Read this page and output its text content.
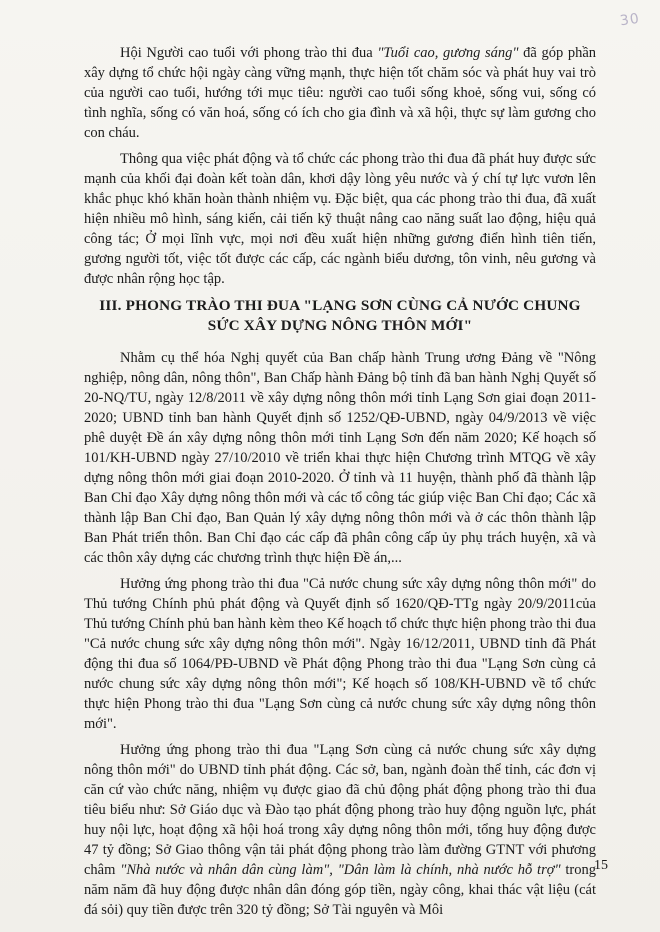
30

Hội Người cao tuổi với phong trào thi đua "Tuổi cao, gương sáng" đã góp phần xây dựng tổ chức hội ngày càng vững mạnh, thực hiện tốt chăm sóc và phát huy vai trò của người cao tuổi, hướng tới mục tiêu: người cao tuổi sống khoẻ, sống vui, sống có tình nghĩa, sống có văn hoá, sống có ích cho gia đình và xã hội, thực sự làm gương cho con cháu.

Thông qua việc phát động và tổ chức các phong trào thi đua đã phát huy được sức mạnh của khối đại đoàn kết toàn dân, khơi dậy lòng yêu nước và ý chí tự lực vươn lên khắc phục khó khăn hoàn thành nhiệm vụ. Đặc biệt, qua các phong trào thi đua, đã xuất hiện nhiều mô hình, sáng kiến, cải tiến kỹ thuật nâng cao năng suất lao động, hiệu quả công tác; Ở mọi lĩnh vực, mọi nơi đều xuất hiện những gương điển hình tiên tiến, gương người tốt, việc tốt được các cấp, các ngành biểu dương, tôn vinh, nêu gương và được nhân rộng học tập.

III. PHONG TRÀO THI ĐUA "LẠNG SƠN CÙNG CẢ NƯỚC CHUNG SỨC XÂY DỰNG NÔNG THÔN MỚI"

Nhằm cụ thể hóa Nghị quyết của Ban chấp hành Trung ương Đảng về "Nông nghiệp, nông dân, nông thôn", Ban Chấp hành Đảng bộ tỉnh đã ban hành Nghị Quyết số 20-NQ/TU, ngày 12/8/2011 về xây dựng nông thôn mới tỉnh Lạng Sơn giai đoạn 2011-2020; UBND tỉnh ban hành Quyết định số 1252/QĐ-UBND, ngày 04/9/2013 về việc phê duyệt Đề án xây dựng nông thôn mới tỉnh Lạng Sơn đến năm 2020; Kế hoạch số 101/KH-UBND ngày 27/10/2010 về triển khai thực hiện Chương trình MTQG về xây dựng nông thôn mới giai đoạn 2010-2020. Ở tỉnh và 11 huyện, thành phố đã thành lập Ban Chỉ đạo Xây dựng nông thôn mới và các tổ công tác giúp việc Ban Chỉ đạo; Các xã thành lập Ban Chỉ đạo, Ban Quản lý xây dựng nông thôn mới và ở các thôn thành lập Ban Phát triển thôn. Ban Chỉ đạo các cấp đã phân công cấp ủy phụ trách huyện, xã và các thôn xây dựng các chương trình thực hiện Đề án,...

Hưởng ứng phong trào thi đua "Cả nước chung sức xây dựng nông thôn mới" do Thủ tướng Chính phủ phát động và Quyết định số 1620/QĐ-TTg ngày 20/9/2011của Thủ tướng Chính phủ ban hành kèm theo Kế hoạch tổ chức thực hiện phong trào thi đua "Cả nước chung sức xây dựng nông thôn mới". Ngày 16/12/2011, UBND tỉnh đã Phát động thi đua số 1064/PĐ-UBND về Phát động Phong trào thi đua "Lạng Sơn cùng cả nước chung sức xây dựng nông thôn mới"; Kế hoạch số 108/KH-UBND về tổ chức thực hiện Phong trào thi đua "Lạng Sơn cùng cả nước chung sức xây dựng nông thôn mới".

Hưởng ứng phong trào thi đua "Lạng Sơn cùng cả nước chung sức xây dựng nông thôn mới" do UBND tỉnh phát động. Các sở, ban, ngành đoàn thể tỉnh, các đơn vị căn cứ vào chức năng, nhiệm vụ được giao đã chủ động phát động phong trào thi đua tiêu biểu như: Sở Giáo dục và Đào tạo phát động phong trào huy động nguồn lực, phát huy nội lực, hoạt động xã hội hoá trong xây dựng nông thôn mới, tổng huy động được 47 tỷ đồng; Sở Giao thông vận tải phát động phong trào làm đường GTNT với phương châm "Nhà nước và nhân dân cùng làm", "Dân làm là chính, nhà nước hỗ trợ" trong năm năm đã huy động được nhân dân đóng góp tiền, ngày công, khai thác vật liệu (cát đá sỏi) quy tiền được trên 320 tỷ đồng; Sở Tài nguyên và Môi

15
